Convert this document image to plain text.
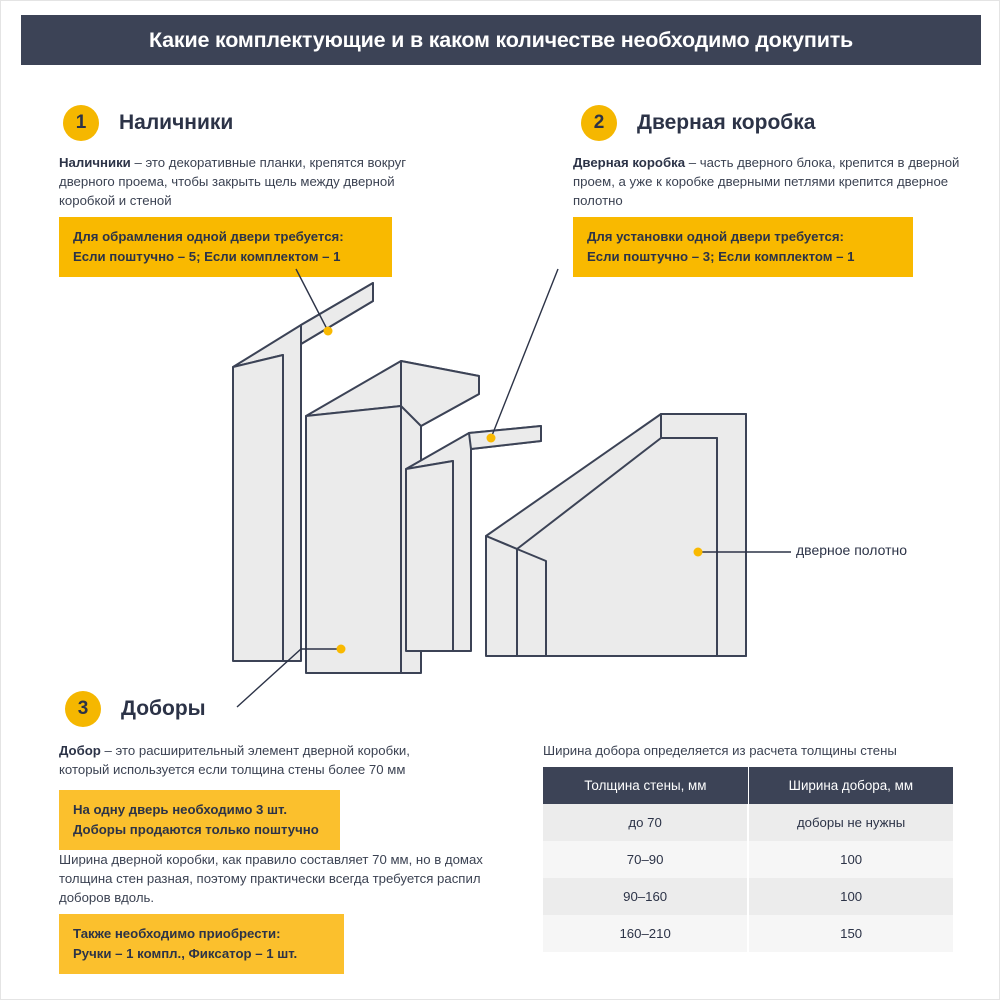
Какие комплектующие и в каком количестве необходимо докупить
1	Наличники
Наличники – это декоративные планки, крепятся вокруг дверного проема, чтобы закрыть щель между дверной коробкой и стеной
Для обрамления одной двери требуется:
Если поштучно – 5; Если комплектом – 1
2	Дверная коробка
Дверная коробка – часть дверного блока, крепится в дверной проем, а уже к коробке дверными петлями крепится дверное полотно
Для установки одной двери требуется:
Если поштучно – 3; Если комплектом – 1
дверное полотно
3	Доборы
Добор – это расширительный элемент дверной коробки,
который используется если толщина стены более 70 мм
На одну дверь необходимо 3 шт.
Доборы продаются только поштучно
Ширина дверной коробки, как правило составляет 70 мм, но в домах толщина стен разная, поэтому практически всегда требуется распил доборов вдоль.
Также необходимо приобрести:
Ручки – 1 компл., Фиксатор – 1 шт.
Ширина добора определяется из расчета толщины стены
Толщина стены, мм	Ширина добора, мм
до 70	доборы не нужны
70–90	100
90–160	100
160–210	150
